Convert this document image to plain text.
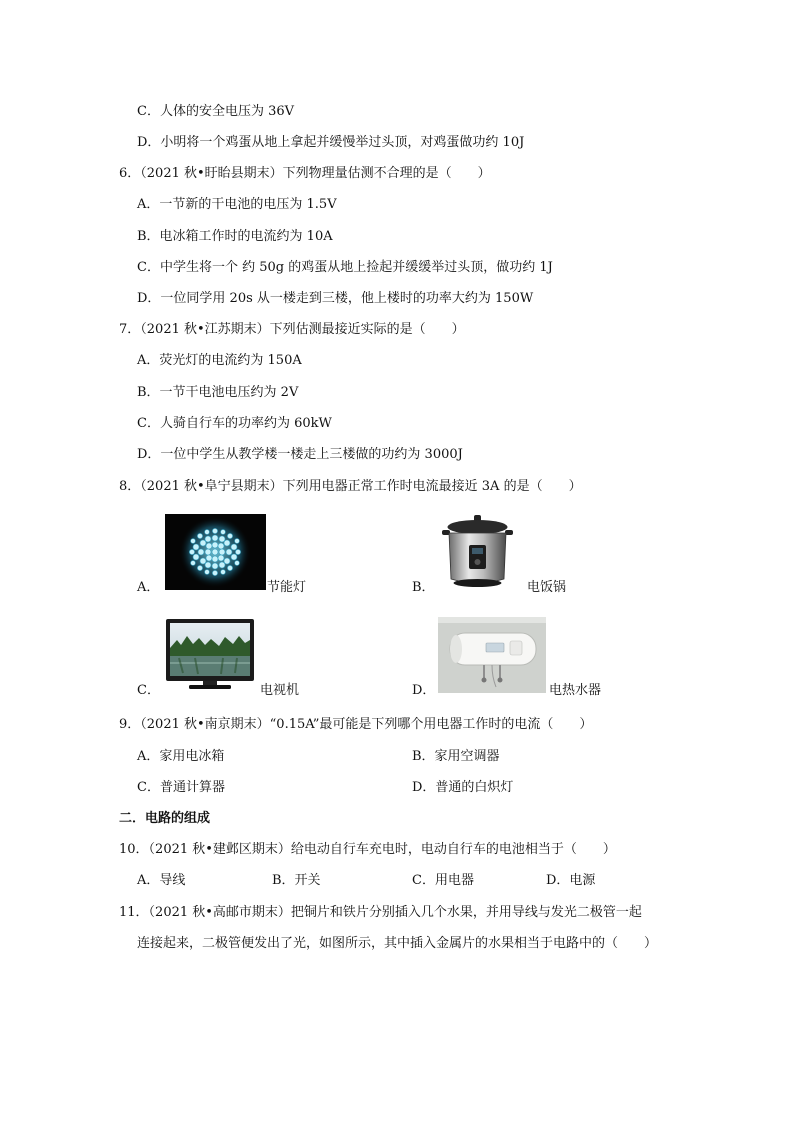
C．人体的安全电压为 36V
D．小明将一个鸡蛋从地上拿起并缓慢举过头顶，对鸡蛋做功约 10J
6．（2021 秋•盱眙县期末）下列物理量估测不合理的是（　　）
A．一节新的干电池的电压为 1.5V
B．电冰箱工作时的电流约为 10A
C．中学生将一个 约 50g 的鸡蛋从地上捡起并缓缓举过头顶，做功约 1J
D．一位同学用 20s 从一楼走到三楼，他上楼时的功率大约为 150W
7．（2021 秋•江苏期末）下列估测最接近实际的是（　　）
A．荧光灯的电流约为 150A
B．一节干电池电压约为 2V
C．人骑自行车的功率约为 60kW
D．一位中学生从教学楼一楼走上三楼做的功约为 3000J
8．（2021 秋•阜宁县期末）下列用电器正常工作时电流最接近 3A 的是（　　）
A．	节能灯	B．	电饭锅
C．	电视机	D．	电热水器
9．（2021 秋•南京期末）“0.15A”最可能是下列哪个用电器工作时的电流（　　）
A．家用电冰箱	B．家用空调器
C．普通计算器	D．普通的白炽灯
二．电路的组成
10．（2021 秋•建邺区期末）给电动自行车充电时，电动自行车的电池相当于（　　）
A．导线	B．开关	C．用电器	D．电源
11．（2021 秋•高邮市期末）把铜片和铁片分别插入几个水果，并用导线与发光二极管一起
连接起来，二极管便发出了光，如图所示，其中插入金属片的水果相当于电路中的（　　）
